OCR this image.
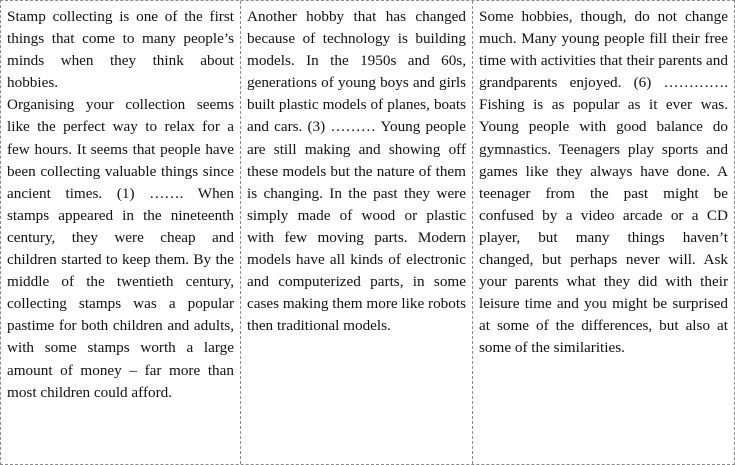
Stamp collecting is one of the first things that come to many people’s minds when they think about hobbies.

Organising your collection seems like the perfect way to relax for a few hours. It seems that people have been collecting valuable things since ancient times. (1) ……. When stamps appeared in the nineteenth century, they were cheap and children started to keep them. By the middle of the twentieth century, collecting stamps was a popular pastime for both children and adults, with some stamps worth a large amount of money – far more than most children could afford.

Another hobby that has changed because of technology is building models. In the 1950s and 60s, generations of young boys and girls built plastic models of planes, boats and cars. (3) ……… Young people are still making and showing off these models but the nature of them is changing. In the past they were simply made of wood or plastic with few moving parts. Modern models have all kinds of electronic and computerized parts, in some cases making them more like robots then traditional models.

Some hobbies, though, do not change much. Many young people fill their free time with activities that their parents and grandparents enjoyed. (6) …………. Fishing is as popular as it ever was. Young people with good balance do gymnastics. Teenagers play sports and games like they always have done. A teenager from the past might be confused by a video arcade or a CD player, but many things haven’t changed, but perhaps never will. Ask your parents what they did with their leisure time and you might be surprised at some of the differences, but also at some of the similarities.
